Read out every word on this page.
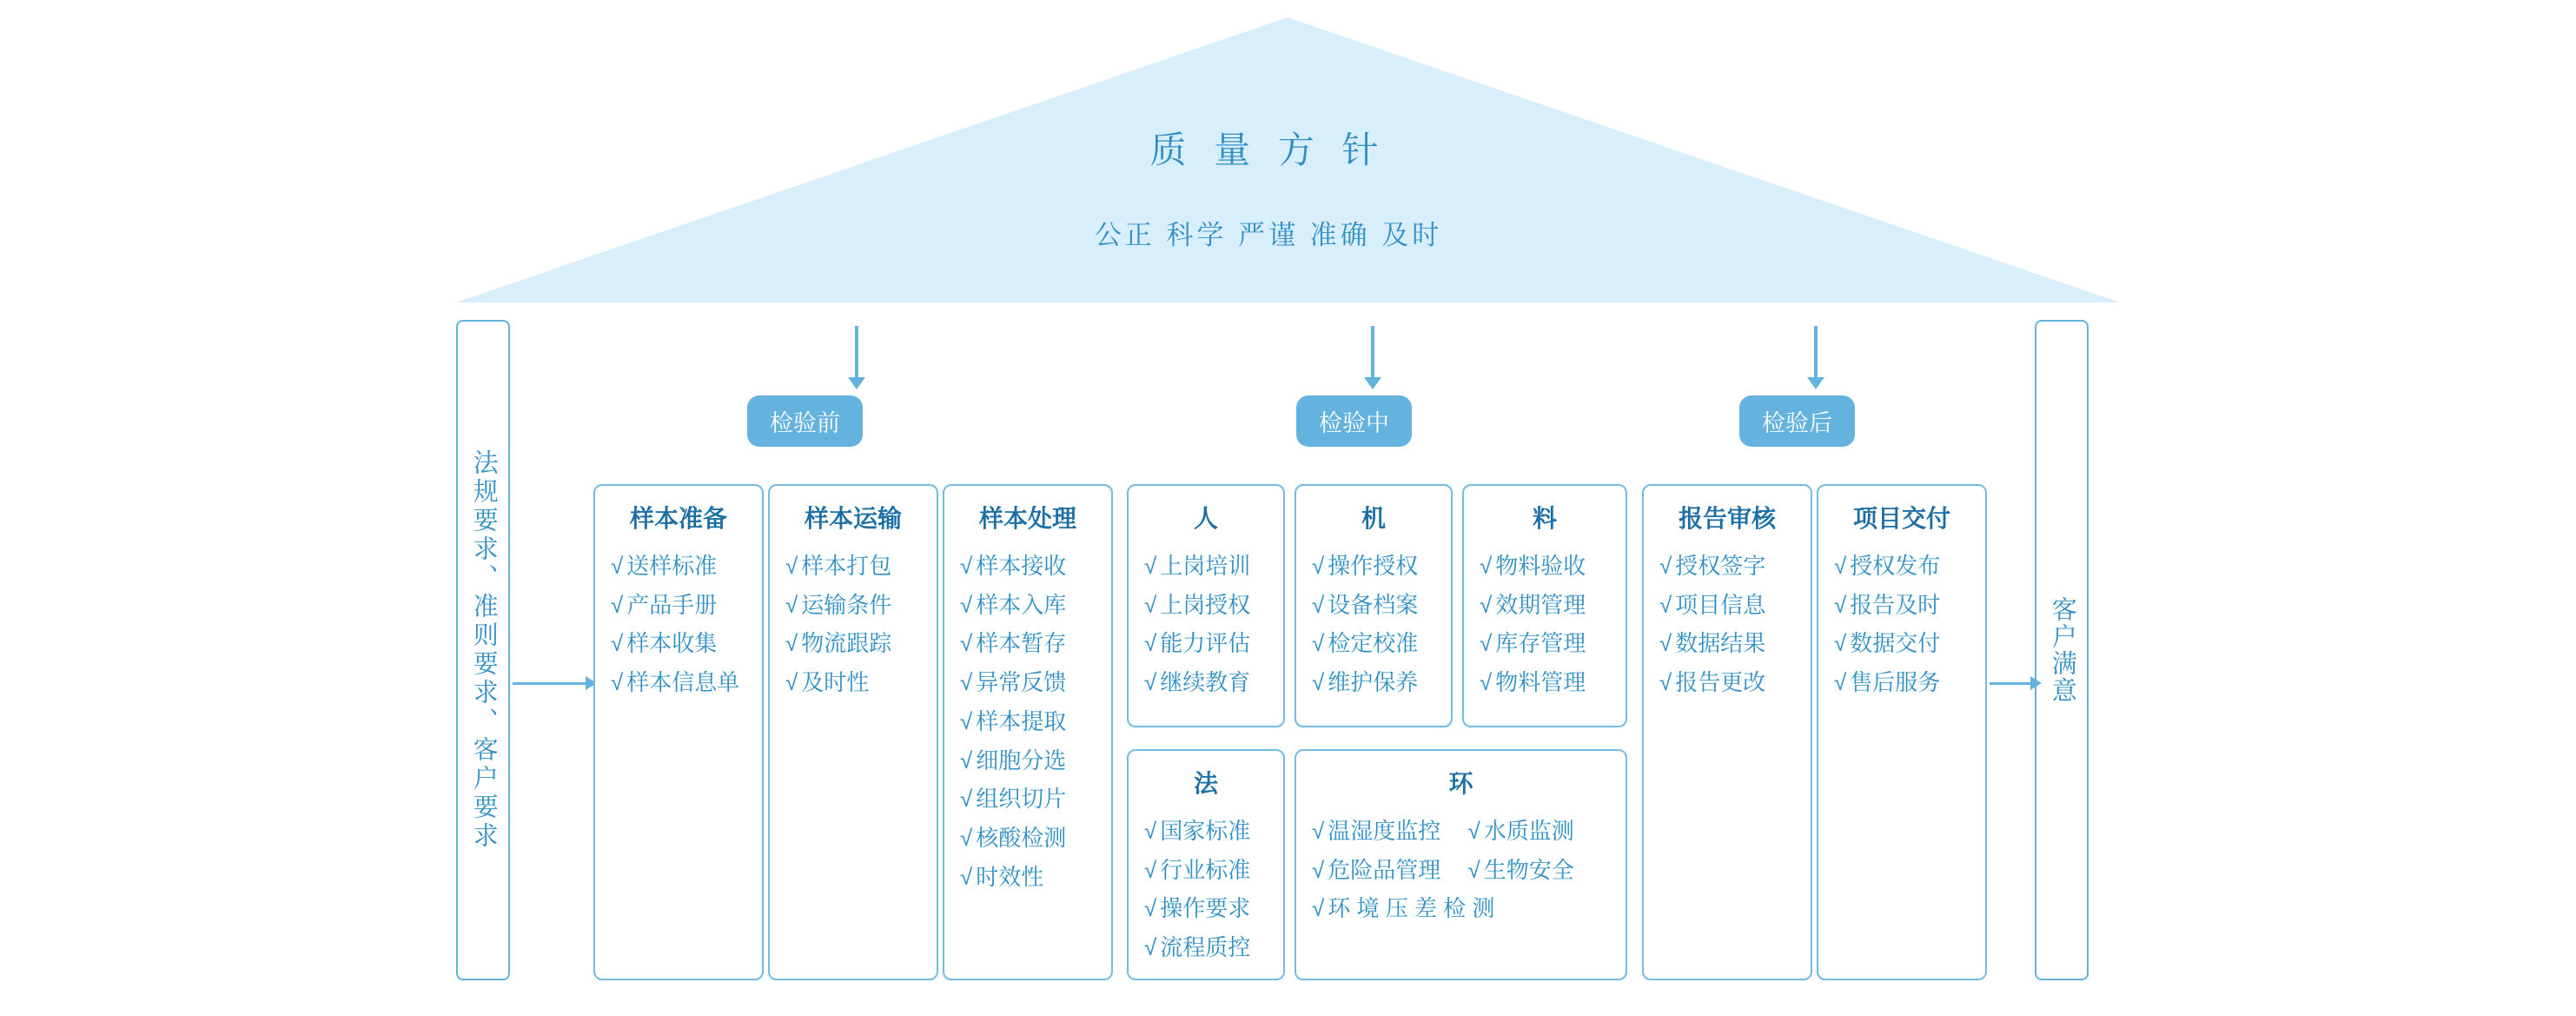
质 量 方 针
公正 科学 严谨 准确 及时
法规要求、准则要求、客户要求	客户满意
检验前	检验中	检验后
样本准备
√ 送样标准
√ 产品手册
√ 样本收集
√ 样本信息单
样本运输
√ 样本打包
√ 运输条件
√ 物流跟踪
√ 及时性
样本处理
√ 样本接收
√ 样本入库
√ 样本暂存
√ 异常反馈
√ 样本提取
√ 细胞分选
√ 组织切片
√ 核酸检测
√ 时效性
人
√ 上岗培训
√ 上岗授权
√ 能力评估
√ 继续教育
机
√ 操作授权
√ 设备档案
√ 检定校准
√ 维护保养
料
√ 物料验收
√ 效期管理
√ 库存管理
√ 物料管理
法
√ 国家标准
√ 行业标准
√ 操作要求
√ 流程质控
环
√ 温湿度监控	√ 水质监测
√ 危险品管理	√ 生物安全
√ 环 境 压 差 检 测
报告审核
√ 授权签字
√ 项目信息
√ 数据结果
√ 报告更改
项目交付
√ 授权发布
√ 报告及时
√ 数据交付
√ 售后服务
